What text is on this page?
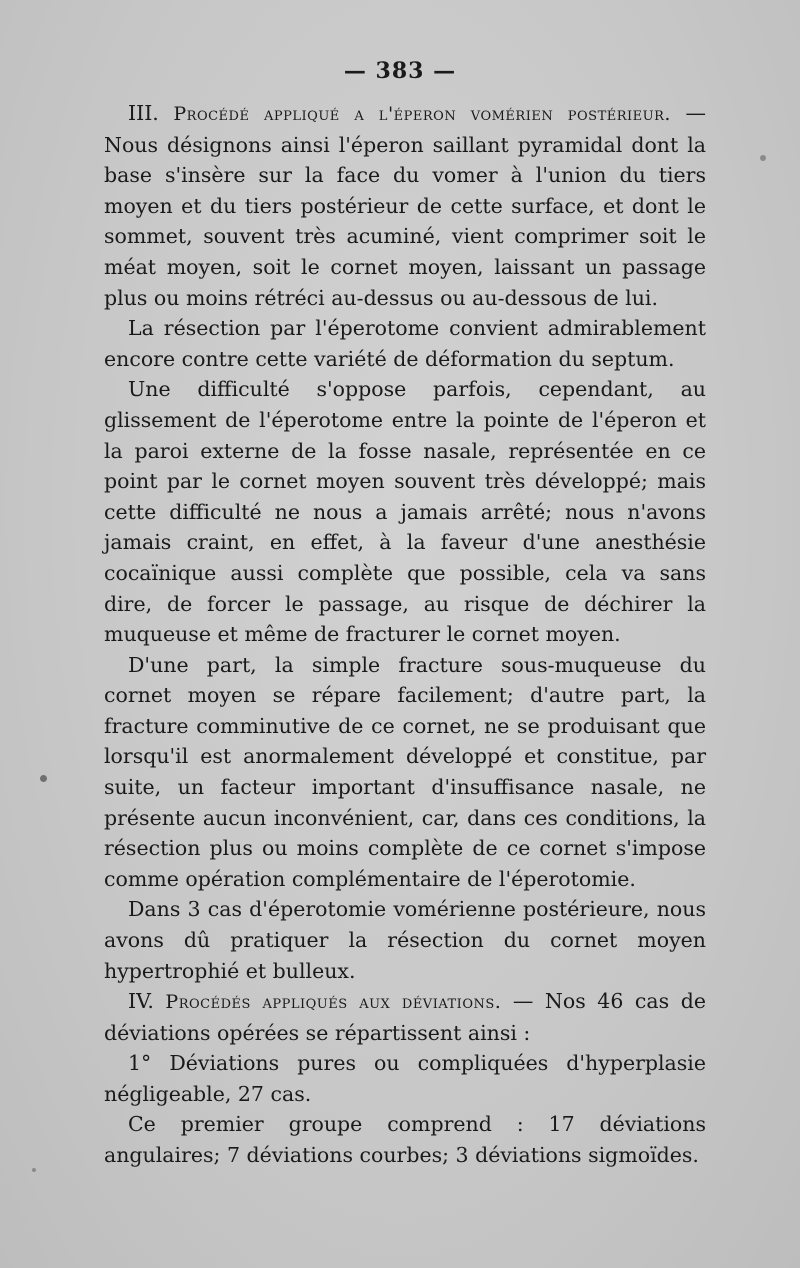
— 383 —

III. Procédé appliqué a l'éperon vomérien postérieur. — Nous désignons ainsi l'éperon saillant pyramidal dont la base s'insère sur la face du vomer à l'union du tiers moyen et du tiers postérieur de cette surface, et dont le sommet, souvent très acuminé, vient comprimer soit le méat moyen, soit le cornet moyen, laissant un passage plus ou moins rétréci au-dessus ou au-dessous de lui.

La résection par l'éperotome convient admirablement encore contre cette variété de déformation du septum.

Une difficulté s'oppose parfois, cependant, au glissement de l'éperotome entre la pointe de l'éperon et la paroi externe de la fosse nasale, représentée en ce point par le cornet moyen souvent très développé; mais cette difficulté ne nous a jamais arrêté; nous n'avons jamais craint, en effet, à la faveur d'une anesthésie cocaïnique aussi complète que possible, cela va sans dire, de forcer le passage, au risque de déchirer la muqueuse et même de fracturer le cornet moyen.

D'une part, la simple fracture sous-muqueuse du cornet moyen se répare facilement; d'autre part, la fracture comminutive de ce cornet, ne se produisant que lorsqu'il est anormalement développé et constitue, par suite, un facteur important d'insuffisance nasale, ne présente aucun inconvénient, car, dans ces conditions, la résection plus ou moins complète de ce cornet s'impose comme opération complémentaire de l'éperotomie.

Dans 3 cas d'éperotomie vomérienne postérieure, nous avons dû pratiquer la résection du cornet moyen hypertrophié et bulleux.

IV. Procédés appliqués aux déviations. — Nos 46 cas de déviations opérées se répartissent ainsi :

1° Déviations pures ou compliquées d'hyperplasie négligeable, 27 cas.

Ce premier groupe comprend : 17 déviations angulaires; 7 déviations courbes; 3 déviations sigmoïdes.
